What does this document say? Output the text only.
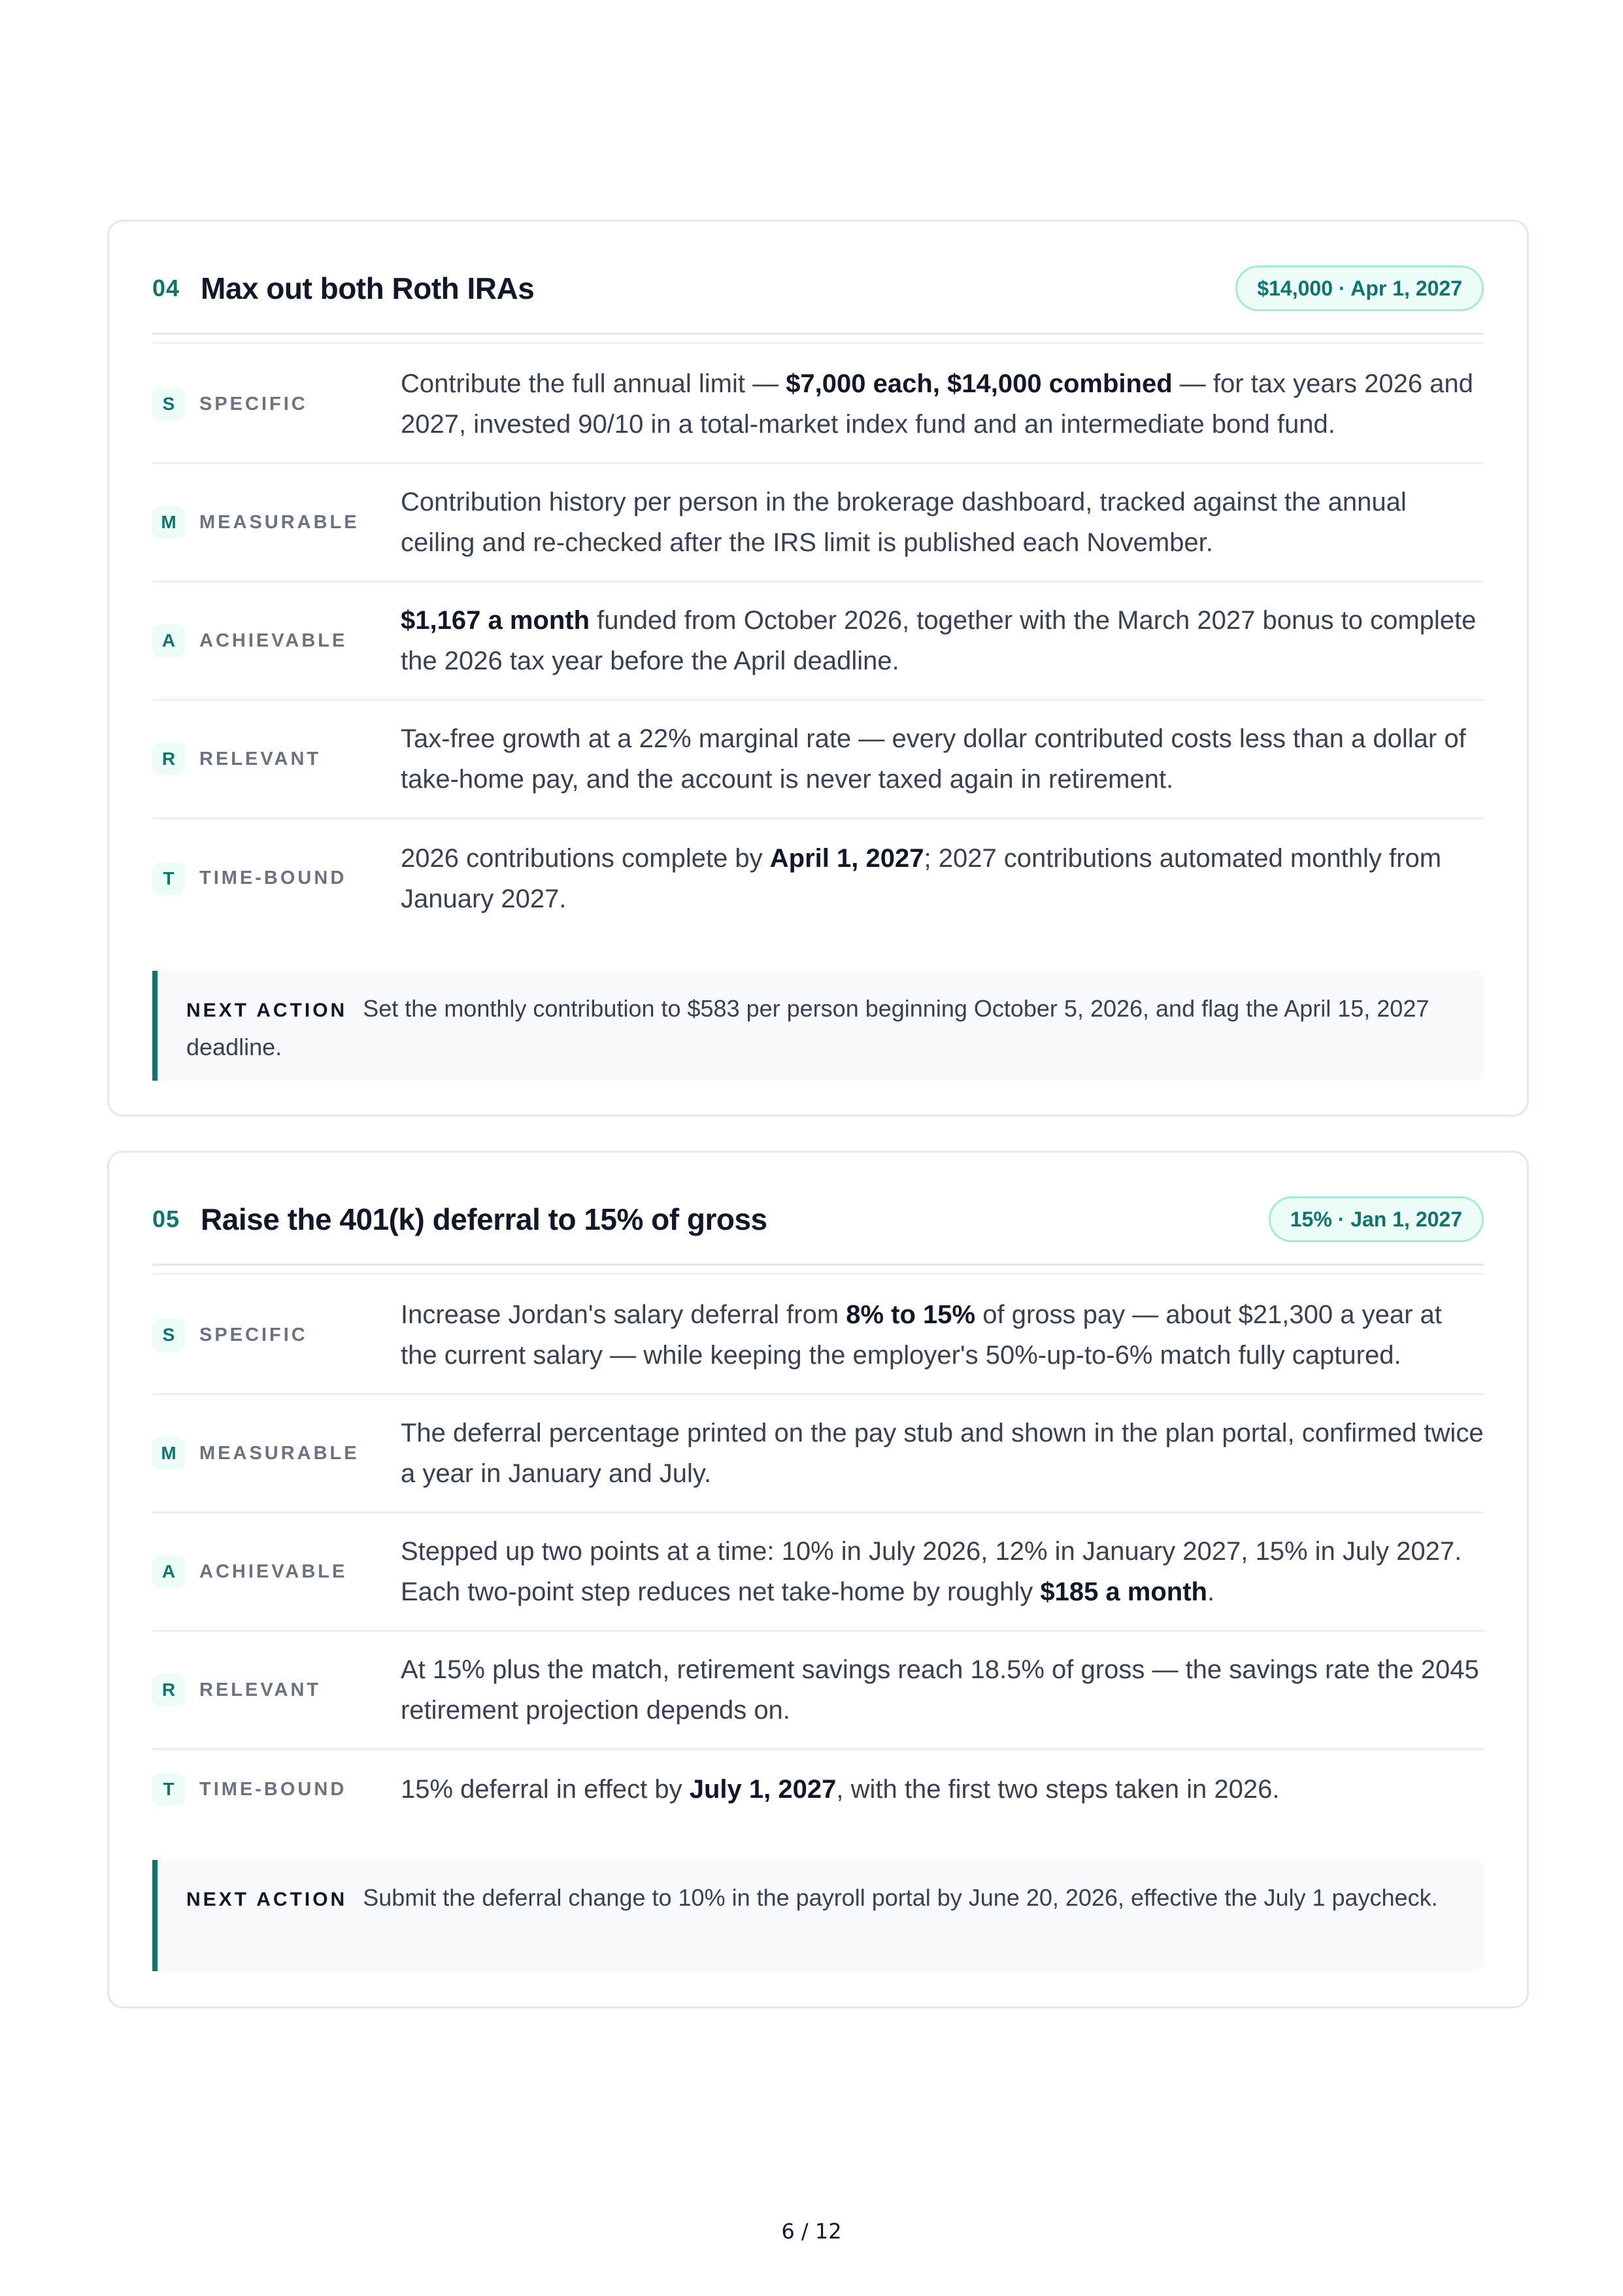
04 Max out both Roth IRAs	$14,000 · Apr 1, 2027
S	SPECIFIC
Contribute the full annual limit — $7,000 each, $14,000 combined — for tax years 2026 and 2027, invested 90/10 in a total-market index fund and an intermediate bond fund.
M	MEASURABLE
Contribution history per person in the brokerage dashboard, tracked against the annual ceiling and re-checked after the IRS limit is published each November.
A	ACHIEVABLE
$1,167 a month funded from October 2026, together with the March 2027 bonus to complete the 2026 tax year before the April deadline.
R	RELEVANT
Tax-free growth at a 22% marginal rate — every dollar contributed costs less than a dollar of take-home pay, and the account is never taxed again in retirement.
T	TIME-BOUND
2026 contributions complete by April 1, 2027; 2027 contributions automated monthly from January 2027.
NEXT ACTION Set the monthly contribution to $583 per person beginning October 5, 2026, and flag the April 15, 2027 deadline.
05 Raise the 401(k) deferral to 15% of gross	15% · Jan 1, 2027
S	SPECIFIC
Increase Jordan's salary deferral from 8% to 15% of gross pay — about $21,300 a year at the current salary — while keeping the employer's 50%-up-to-6% match fully captured.
M	MEASURABLE
The deferral percentage printed on the pay stub and shown in the plan portal, confirmed twice a year in January and July.
A	ACHIEVABLE
Stepped up two points at a time: 10% in July 2026, 12% in January 2027, 15% in July 2027. Each two-point step reduces net take-home by roughly $185 a month.
R	RELEVANT
At 15% plus the match, retirement savings reach 18.5% of gross — the savings rate the 2045 retirement projection depends on.
T	TIME-BOUND 15% deferral in effect by July 1, 2027, with the first two steps taken in 2026.
NEXT ACTION Submit the deferral change to 10% in the payroll portal by June 20, 2026, effective the July 1 paycheck.
6 / 12
